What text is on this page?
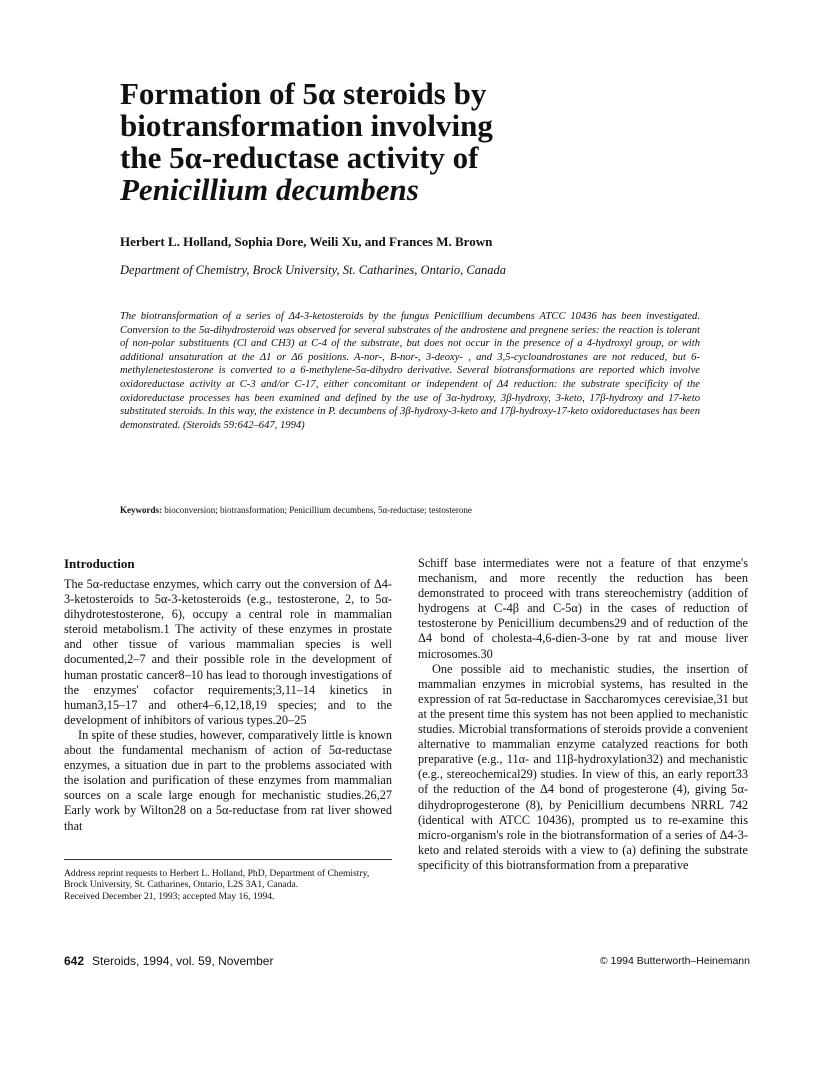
Formation of 5α steroids by
biotransformation involving
the 5α-reductase activity of
Penicillium decumbens

Herbert L. Holland, Sophia Dore, Weili Xu, and Frances M. Brown

Department of Chemistry, Brock University, St. Catharines, Ontario, Canada

The biotransformation of a series of Δ4-3-ketosteroids by the fungus Penicillium decumbens ATCC 10436 has been investigated. Conversion to the 5α-dihydrosteroid was observed for several substrates of the androstene and pregnene series: the reaction is tolerant of non-polar substituents (Cl and CH3) at C-4 of the substrate, but does not occur in the presence of a 4-hydroxyl group, or with additional unsaturation at the Δ1 or Δ6 positions. A-nor-, B-nor-, 3-deoxy- , and 3,5-cycloandrostanes are not reduced, but 6-methylenetestosterone is converted to a 6-methylene-5α-dihydro derivative. Several biotransformations are reported which involve oxidoreductase activity at C-3 and/or C-17, either concomitant or independent of Δ4 reduction: the substrate specificity of the oxidoreductase processes has been examined and defined by the use of 3α-hydroxy, 3β-hydroxy, 3-keto, 17β-hydroxy and 17-keto substituted steroids. In this way, the existence in P. decumbens of 3β-hydroxy-3-keto and 17β-hydroxy-17-keto oxidoreductases has been demonstrated. (Steroids 59:642–647, 1994)

Keywords: bioconversion; biotransformation; Penicillium decumbens, 5α-reductase; testosterone

Introduction

The 5α-reductase enzymes, which carry out the conversion of Δ4-3-ketosteroids to 5α-3-ketosteroids (e.g., testosterone, 2, to 5α-dihydrotestosterone, 6), occupy a central role in mammalian steroid metabolism.1 The activity of these enzymes in prostate and other tissue of various mammalian species is well documented,2–7 and their possible role in the development of human prostatic cancer8–10 has lead to thorough investigations of the enzymes' cofactor requirements;3,11–14 kinetics in human3,15–17 and other4–6,12,18,19 species; and to the development of inhibitors of various types.20–25

In spite of these studies, however, comparatively little is known about the fundamental mechanism of action of 5α-reductase enzymes, a situation due in part to the problems associated with the isolation and purification of these enzymes from mammalian sources on a scale large enough for mechanistic studies.26,27 Early work by Wilton28 on a 5α-reductase from rat liver showed that

Schiff base intermediates were not a feature of that enzyme's mechanism, and more recently the reduction has been demonstrated to proceed with trans stereochemistry (addition of hydrogens at C-4β and C-5α) in the cases of reduction of testosterone by Penicillium decumbens29 and of reduction of the Δ4 bond of cholesta-4,6-dien-3-one by rat and mouse liver microsomes.30

One possible aid to mechanistic studies, the insertion of mammalian enzymes in microbial systems, has resulted in the expression of rat 5α-reductase in Saccharomyces cerevisiae,31 but at the present time this system has not been applied to mechanistic studies. Microbial transformations of steroids provide a convenient alternative to mammalian enzyme catalyzed reactions for both preparative (e.g., 11α- and 11β-hydroxylation32) and mechanistic (e.g., stereochemical29) studies. In view of this, an early report33 of the reduction of the Δ4 bond of progesterone (4), giving 5α-dihydroprogesterone (8), by Penicillium decumbens NRRL 742 (identical with ATCC 10436), prompted us to re-examine this micro-organism's role in the biotransformation of a series of Δ4-3-keto and related steroids with a view to (a) defining the substrate specificity of this biotransformation from a preparative

Address reprint requests to Herbert L. Holland, PhD, Department of Chemistry, Brock University, St. Catharines, Ontario, L2S 3A1, Canada.

Received December 21, 1993; accepted May 16, 1994.

642 Steroids, 1994, vol. 59, November	© 1994 Butterworth–Heinemann
